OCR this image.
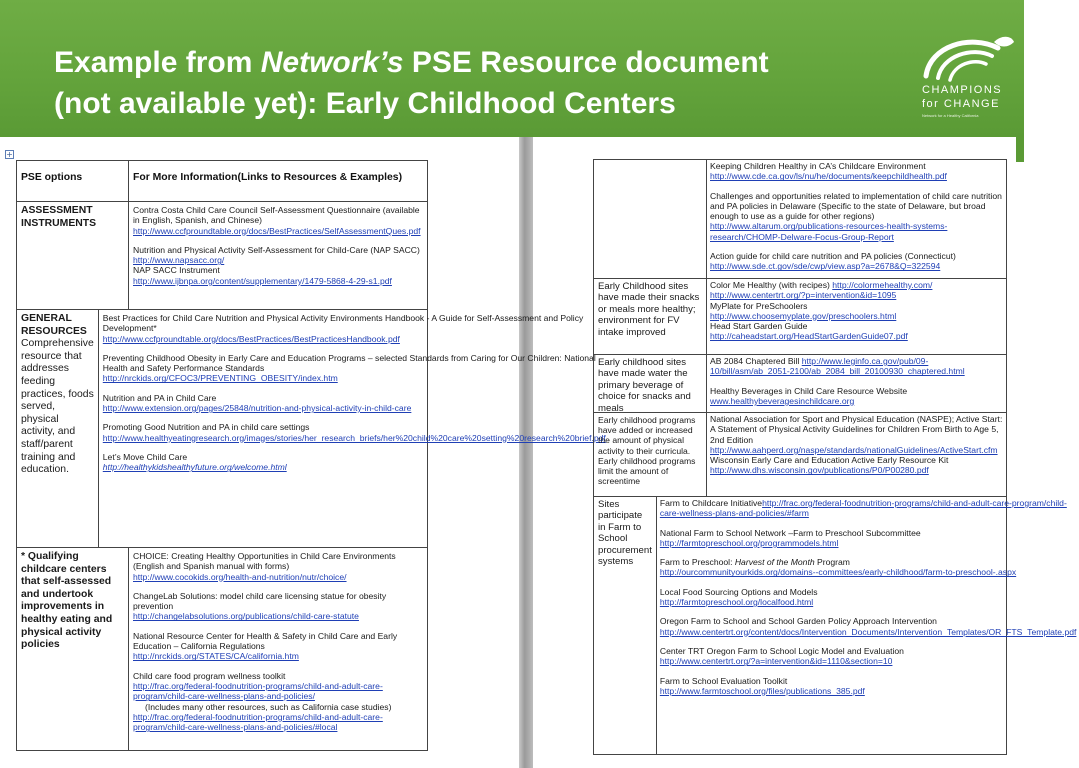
Example from Network’s PSE Resource document
(not available yet): Early Childhood Centers	CHAMPIONS
for CHANGE
Network for a Healthy California
+
PSE options	For More Information(Links to Resources & Examples)
ASSESSMENT INSTRUMENTS
Contra Costa Child Care Council Self-Assessment Questionnaire (available in English, Spanish, and Chinese)
http://www.ccfproundtable.org/docs/BestPractices/SelfAssessmentQues.pdf
Nutrition and Physical Activity Self-Assessment for Child-Care (NAP SACC) http://www.napsacc.org/
NAP SACC Instrument
http://www.ijbnpa.org/content/supplementary/1479-5868-4-29-s1.pdf
GENERAL RESOURCES
Comprehensive resource that addresses feeding practices, foods served, physical activity, and staff/parent training and education.
Best Practices for Child Care Nutrition and Physical Activity Environments Handbook - A Guide for Self-Assessment and Policy Development*
http://www.ccfproundtable.org/docs/BestPractices/BestPracticesHandbook.pdf
Preventing Childhood Obesity in Early Care and Education Programs – selected Standards from Caring for Our Children: National Health and Safety Performance Standards
http://nrckids.org/CFOC3/PREVENTING_OBESITY/index.htm
Nutrition and PA in Child Care
http://www.extension.org/pages/25848/nutrition-and-physical-activity-in-child-care
Promoting Good Nutrition and PA in child care settings
http://www.healthyeatingresearch.org/images/stories/her_research_briefs/her%20child%20care%20setting%20research%20brief.pdf
Let’s Move Child Care
http://healthykidshealthyfuture.org/welcome.html
* Qualifying childcare centers that self-assessed and undertook improvements in healthy eating and physical activity policies
CHOICE: Creating Healthy Opportunities in Child Care Environments (English and Spanish manual with forms)
http://www.cocokids.org/health-and-nutrition/nutr/choice/
ChangeLab Solutions: model child care licensing statue for obesity prevention
http://changelabsolutions.org/publications/child-care-statute
National Resource Center for Health & Safety in Child Care and Early Education – California Regulations
http://nrckids.org/STATES/CA/california.htm
Child care food program wellness toolkit
http://frac.org/federal-foodnutrition-programs/child-and-adult-care-program/child-care-wellness-plans-and-policies/
(Includes many other resources, such as California case studies)
http://frac.org/federal-foodnutrition-programs/child-and-adult-care-program/child-care-wellness-plans-and-policies/#local
Keeping Children Healthy in CA’s Childcare Environment
http://www.cde.ca.gov/ls/nu/he/documents/keepchildhealth.pdf
Challenges and opportunities related to implementation of child care nutrition and PA policies in Delaware (Specific to the state of Delaware, but broad enough to use as a guide for other regions)
http://www.altarum.org/publications-resources-health-systems-research/CHOMP-Delware-Focus-Group-Report
Action guide for child care nutrition and PA policies (Connecticut)
http://www.sde.ct.gov/sde/cwp/view.asp?a=2678&Q=322594
Early Childhood sites have made their snacks or meals more healthy; environment for FV intake improved
Color Me Healthy (with recipes) http://colormehealthy.com/
http://www.centertrt.org/?p=intervention&id=1095
MyPlate for PreSchoolers
http://www.choosemyplate.gov/preschoolers.html
Head Start Garden Guide
http://caheadstart.org/HeadStartGardenGuide07.pdf
Early childhood sites have made water the primary beverage of choice for snacks and meals
AB 2084 Chaptered Bill http://www.leginfo.ca.gov/pub/09-10/bill/asm/ab_2051-2100/ab_2084_bill_20100930_chaptered.html
Healthy Beverages in Child Care Resource Website
www.healthybeveragesinchildcare.org
Early childhood programs have added or increased the amount of physical activity to their curricula.
Early childhood programs limit the amount of screentime
National Association for Sport and Physical Education (NASPE); Active Start: A Statement of Physical Activity Guidelines for Children From Birth to Age 5, 2nd Edition
http://www.aahperd.org/naspe/standards/nationalGuidelines/ActiveStart.cfm
Wisconsin Early Care and Education Active Early Resource Kit
http://www.dhs.wisconsin.gov/publications/P0/P00280.pdf
Sites participate in Farm to School procurement systems
Farm to Childcare Initiativehttp://frac.org/federal-foodnutrition-programs/child-and-adult-care-program/child-care-wellness-plans-and-policies/#farm
National Farm to School Network –Farm to Preschool Subcommittee
http://farmtopreschool.org/programmodels.html
Farm to Preschool: Harvest of the Month Program
http://ourcommunityourkids.org/domains--committees/early-childhood/farm-to-preschool-.aspx
Local Food Sourcing Options and Models
http://farmtopreschool.org/localfood.html
Oregon Farm to School and School Garden Policy Approach Intervention
http://www.centertrt.org/content/docs/Intervention_Documents/Intervention_Templates/OR_FTS_Template.pdf
Center TRT Oregon Farm to School Logic Model and Evaluation
http://www.centertrt.org/?a=intervention&id=1110&section=10
Farm to School Evaluation Toolkit
http://www.farmtoschool.org/files/publications_385.pdf
